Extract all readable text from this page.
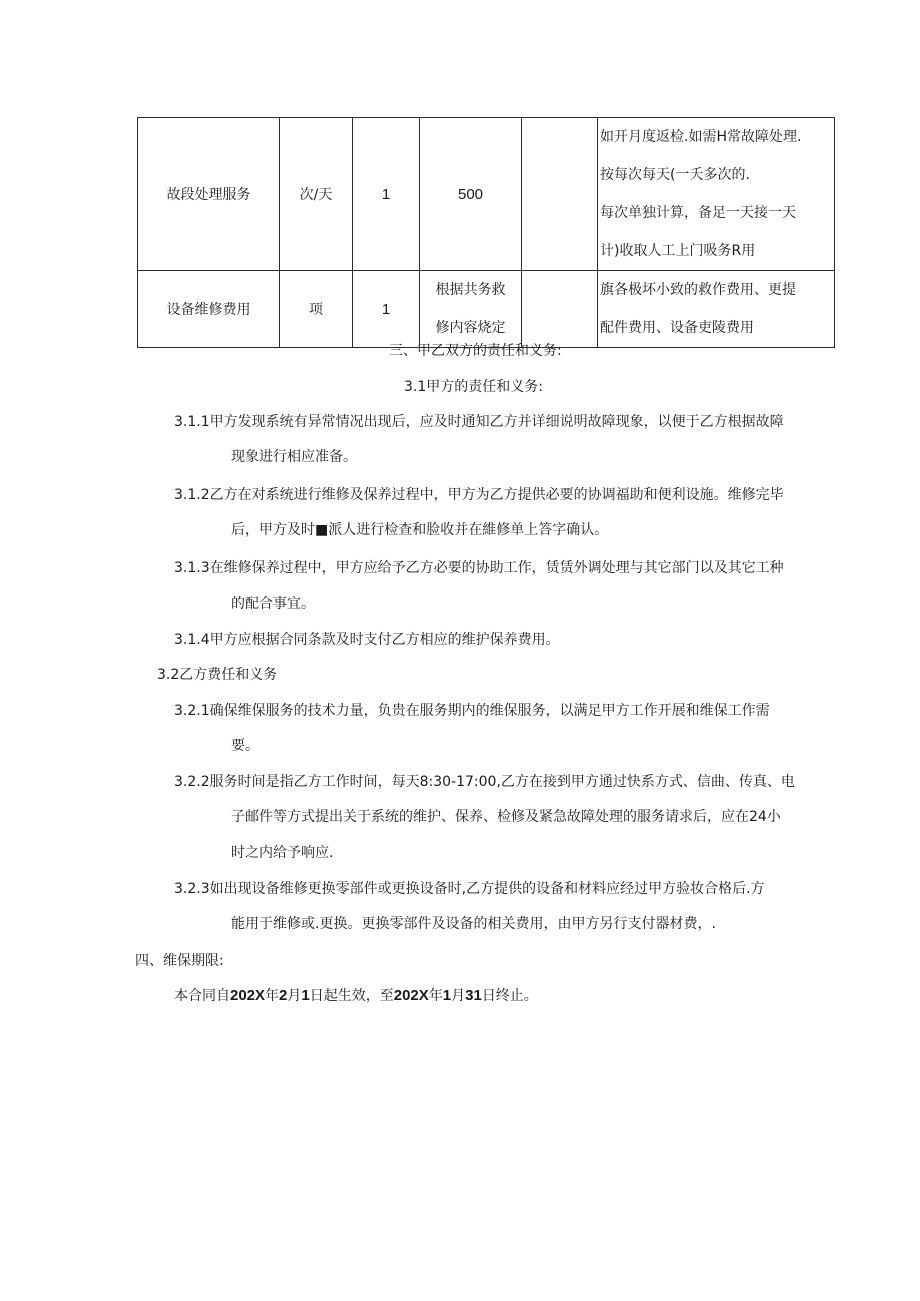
故段处理服务	次/天	1	500		如开月度返检.如需H常故障处理.
按每次每天(一夭多次的.
每次单独计算，备足一天接一天
计)收取人工上门吸务R用

设备维修费用	项	1	根据共务救
修内容烧定		旗各极坏小致的救作费用、更提
配件费用、设备吏陵费用
三、甲乙双方的责任和义务:
3.1甲方的责任和义务:
3.1.1甲方发现系统有异常情况出现后，应及时通知乙方并详细说明故障现象，以便于乙方根据故障
现象进行相应准备。
3.1.2乙方在对系统进行维修及保养过程中，甲方为乙方提供必要的协调福助和便利设施。维修完毕
后，甲方及时■派人进行检查和脸收并在維修单上答字确认。
3.1.3在维修保养过程中，甲方应给予乙方必要的协助工作，赁赁外调处理与其它部门以及其它工种
的配合事宜。
3.1.4甲方应根据合同条款及时支付乙方相应的维护保养费用。
3.2乙方费任和义务
3.2.1确保维保服务的技术力量，负贵在服务期内的维保服务，以满足甲方工作开展和维保工作需
要。
3.2.2服务时间是指乙方工作时间，每天8:30-17:00,乙方在接到甲方通过快系方式、信曲、传真、电
子邮件等方式提出关于系统的维护、保养、检修及紧急故障处理的服务请求后，应在24小
时之内给予响应.
3.2.3如出现设备维修更换零部件或更换设备时,乙方提供的设备和材料应经过甲方验妆合格后.方
能用于维修或.更换。更换零部件及设备的相关费用，由甲方另行支付器材费，.
四、维保期限:
本合同自202X年2月1日起生效，至202X年1月31日终止。
